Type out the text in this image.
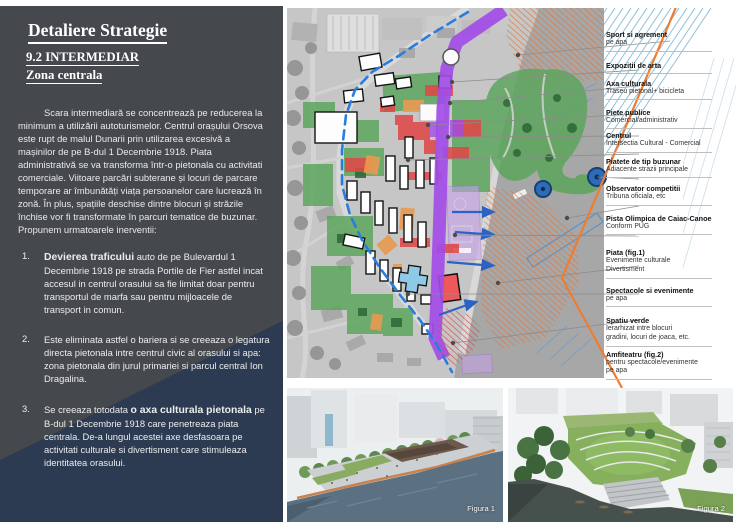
Detaliere Strategie
9.2 INTERMEDIAR
Zona centrala

Scara intermediară se concentrează pe reducerea la minimum a utilizării autoturismelor. Centrul orașului Orsova este rupt de malul Dunarii prin utilizarea excesivă a mașinilor de pe B-dul 1 Decembrie 1918. Piata administrativă se va transforma într-o pietonala cu activitati comerciale. Viitoare parcări subterane și locuri de parcare temporare ar îmbunătăți viața persoanelor care lucrează în zonă. În plus, spațiile deschise dintre blocuri și străzile închise vor fi transformate în parcuri tematice de buzunar. Propunem urmatoarele inerventii:

1.	Devierea traficului auto de pe Bulevardul 1 Decembrie 1918 pe strada Portile de Fier astfel incat accesul in centrul orasului sa fie limitat doar pentru transportul de marfa sau pentru mijloacele de transport in comun.
2.	Este eliminata astfel o bariera si se creeaza o legatura directa pietonala intre centrul civic al orasului si apa: zona pietonala din jurul primariei si parcul central Ion Dragalina.
3.	Se creeaza totodata o axa culturala pietonala pe B-dul 1 Decembrie 1918 care penetreaza piata centrala. De-a lungul acestei axe desfasoara pe activitati culturale si divertisment care stimuleaza identitatea orasului.
Sport si agrement
pe apa
Expozitii de arta
Axa culturala
Traseu pietonal+ bicicleta
Piete publice
Comercial/administrativ
Centrul
Intersectia Cultural - Comercial
Piatete de tip buzunar
Adiacente strazii principale
Observator competitii
Tribuna oficiala, etc
Pista Olimpica de Caiac-Canoe
Conform PUG
Piata (fig.1)
Evenimente culturale
Divertisment
Spectacole si evenimente
pe apa
Spatiu verde
Ierarhizat intre blocuri
gradini, locuri de joaca, etc.
Amfiteatru (fig.2)
pentru spectacole/evenimente
pe apa
Figura 1	Figura 2
